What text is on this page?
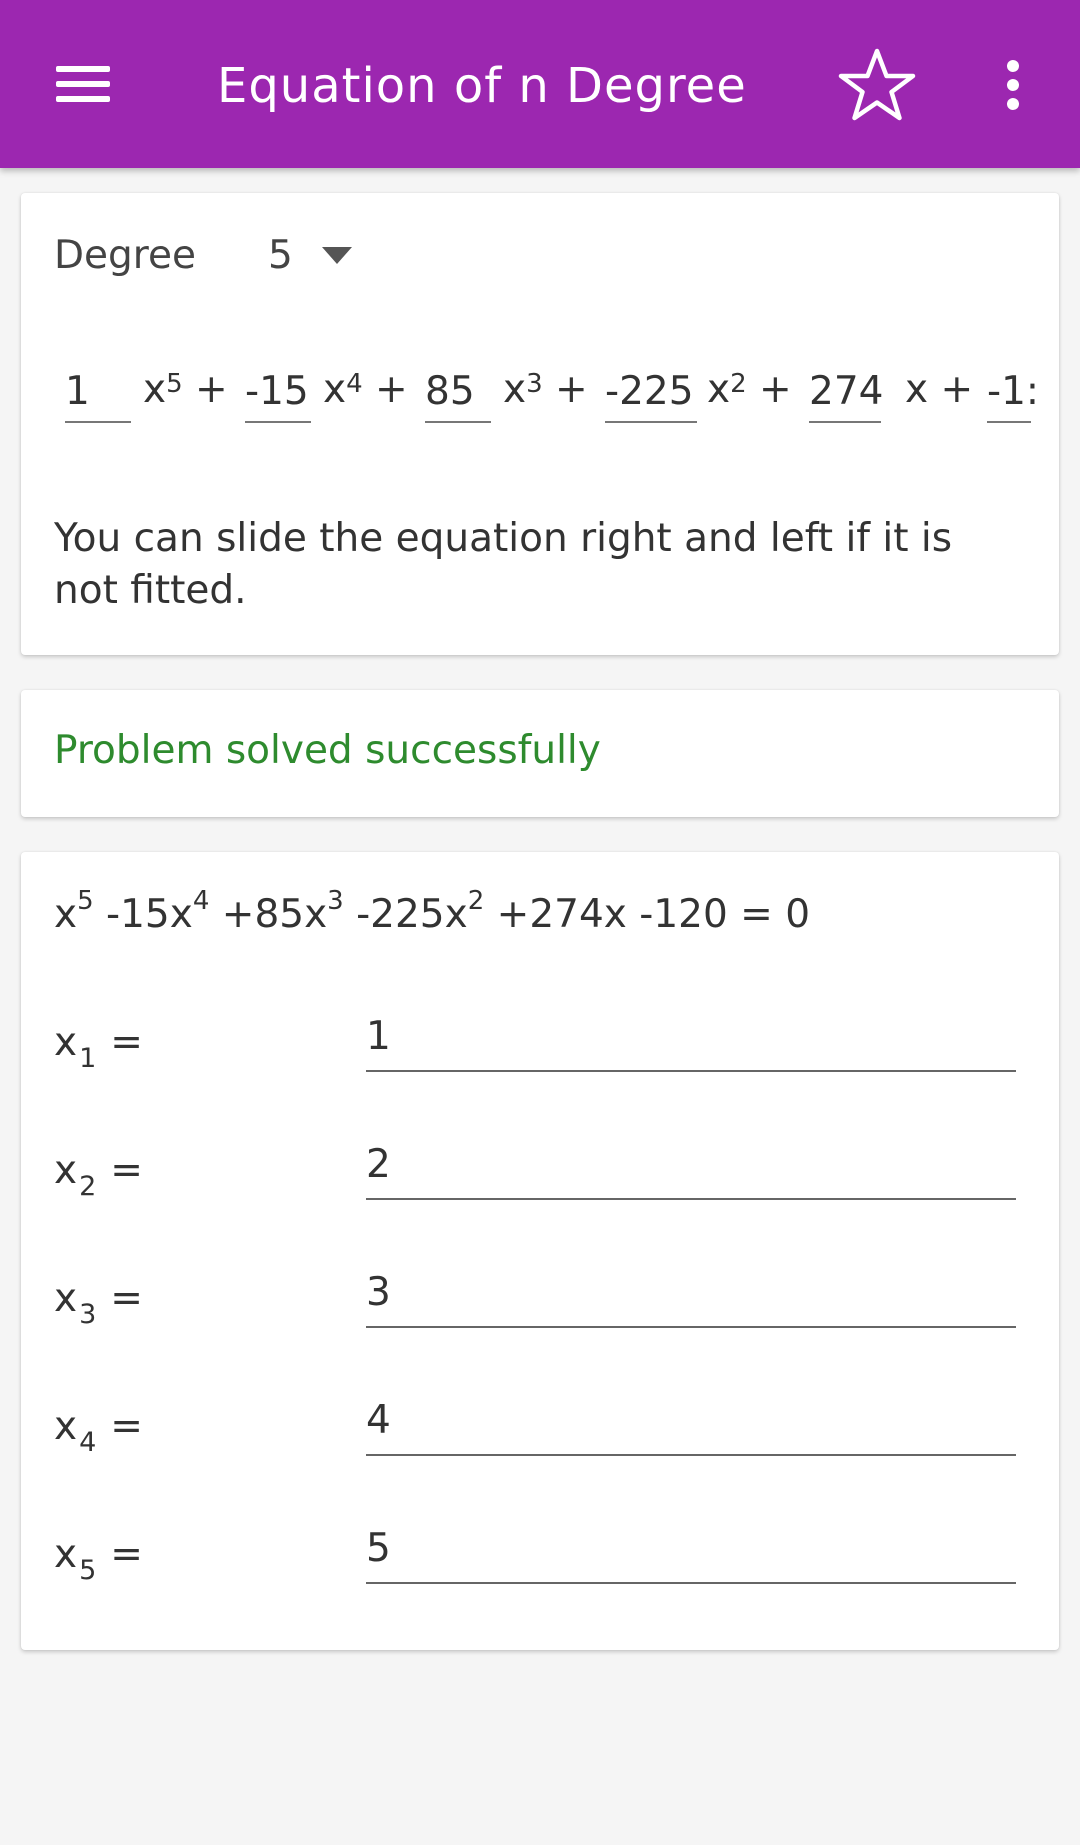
Equation of n Degree
Degree 5
1	$x^5 + -15$ $x^4 + 85$ $x^3 + -225$ $x^2 + 274$ x + -1:
You can slide the equation right and left if it is not fitted.
Problem solved successfully
$x^5$ $-15x^4 +85x^3$ $-225x^2 +274x$ -120 = 0
$x_1$ =	1
$x_2$ =	2
$x_3$ =	3
$x_4$ =	4
$x_5$ =	5
